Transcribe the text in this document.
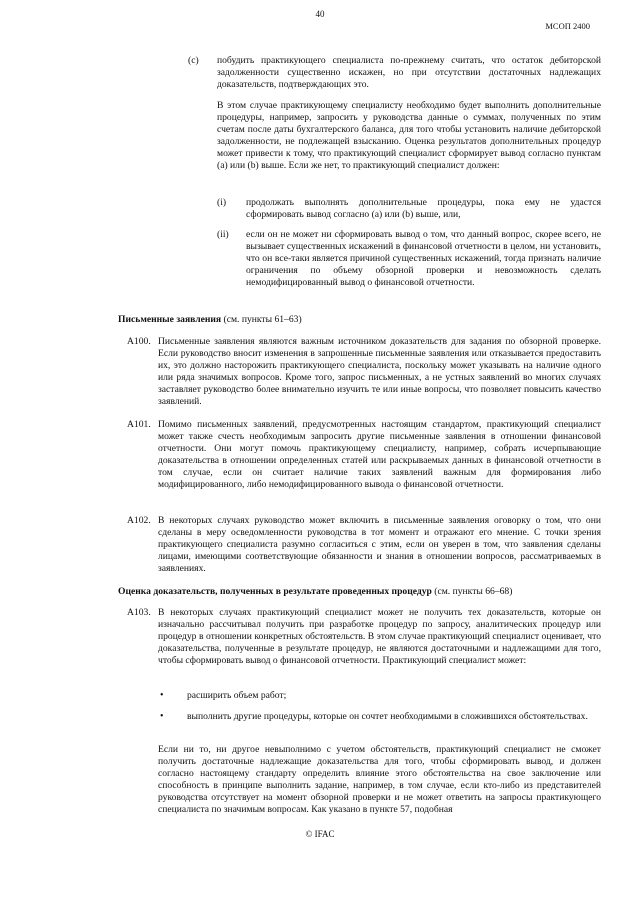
40
МСОП 2400
(c) побудить практикующего специалиста по-прежнему считать, что остаток дебиторской задолженности существенно искажен, но при отсутствии достаточных надлежащих доказательств, подтверждающих это.
В этом случае практикующему специалисту необходимо будет выполнить дополнительные процедуры, например, запросить у руководства данные о суммах, полученных по этим счетам после даты бухгалтерского баланса, для того чтобы установить наличие дебиторской задолженности, не подлежащей взысканию. Оценка результатов дополнительных процедур может привести к тому, что практикующий специалист сформирует вывод согласно пунктам (a) или (b) выше. Если же нет, то практикующий специалист должен:
(i) продолжать выполнять дополнительные процедуры, пока ему не удастся сформировать вывод согласно (a) или (b) выше, или,
(ii) если он не может ни сформировать вывод о том, что данный вопрос, скорее всего, не вызывает существенных искажений в финансовой отчетности в целом, ни установить, что он все-таки является причиной существенных искажений, тогда признать наличие ограничения по объему обзорной проверки и невозможность сделать немодифицированный вывод о финансовой отчетности.
Письменные заявления (см. пункты 61–63)
A100. Письменные заявления являются важным источником доказательств для задания по обзорной проверке. Если руководство вносит изменения в запрошенные письменные заявления или отказывается предоставить их, это должно насторожить практикующего специалиста, поскольку может указывать на наличие одного или ряда значимых вопросов. Кроме того, запрос письменных, а не устных заявлений во многих случаях заставляет руководство более внимательно изучить те или иные вопросы, что позволяет повысить качество заявлений.
A101. Помимо письменных заявлений, предусмотренных настоящим стандартом, практикующий специалист может также счесть необходимым запросить другие письменные заявления в отношении финансовой отчетности. Они могут помочь практикующему специалисту, например, собрать исчерпывающие доказательства в отношении определенных статей или раскрываемых данных в финансовой отчетности в том случае, если он считает наличие таких заявлений важным для формирования либо модифицированного, либо немодифицированного вывода о финансовой отчетности.
A102. В некоторых случаях руководство может включить в письменные заявления оговорку о том, что они сделаны в меру осведомленности руководства в тот момент и отражают его мнение. С точки зрения практикующего специалиста разумно согласиться с этим, если он уверен в том, что заявления сделаны лицами, имеющими соответствующие обязанности и знания в отношении вопросов, рассматриваемых в заявлениях.
Оценка доказательств, полученных в результате проведенных процедур (см. пункты 66–68)
A103. В некоторых случаях практикующий специалист может не получить тех доказательств, которые он изначально рассчитывал получить при разработке процедур по запросу, аналитических процедур или процедур в отношении конкретных обстоятельств. В этом случае практикующий специалист оценивает, что доказательства, полученные в результате процедур, не являются достаточными и надлежащими для того, чтобы сформировать вывод о финансовой отчетности. Практикующий специалист может:
• расширить объем работ;
• выполнить другие процедуры, которые он сочтет необходимыми в сложившихся обстоятельствах.
Если ни то, ни другое невыполнимо с учетом обстоятельств, практикующий специалист не сможет получить достаточные надлежащие доказательства для того, чтобы сформировать вывод, и должен согласно настоящему стандарту определить влияние этого обстоятельства на свое заключение или способность в принципе выполнить задание, например, в том случае, если кто-либо из представителей руководства отсутствует на момент обзорной проверки и не может ответить на запросы практикующего специалиста по значимым вопросам. Как указано в пункте 57, подобная
© IFAC
